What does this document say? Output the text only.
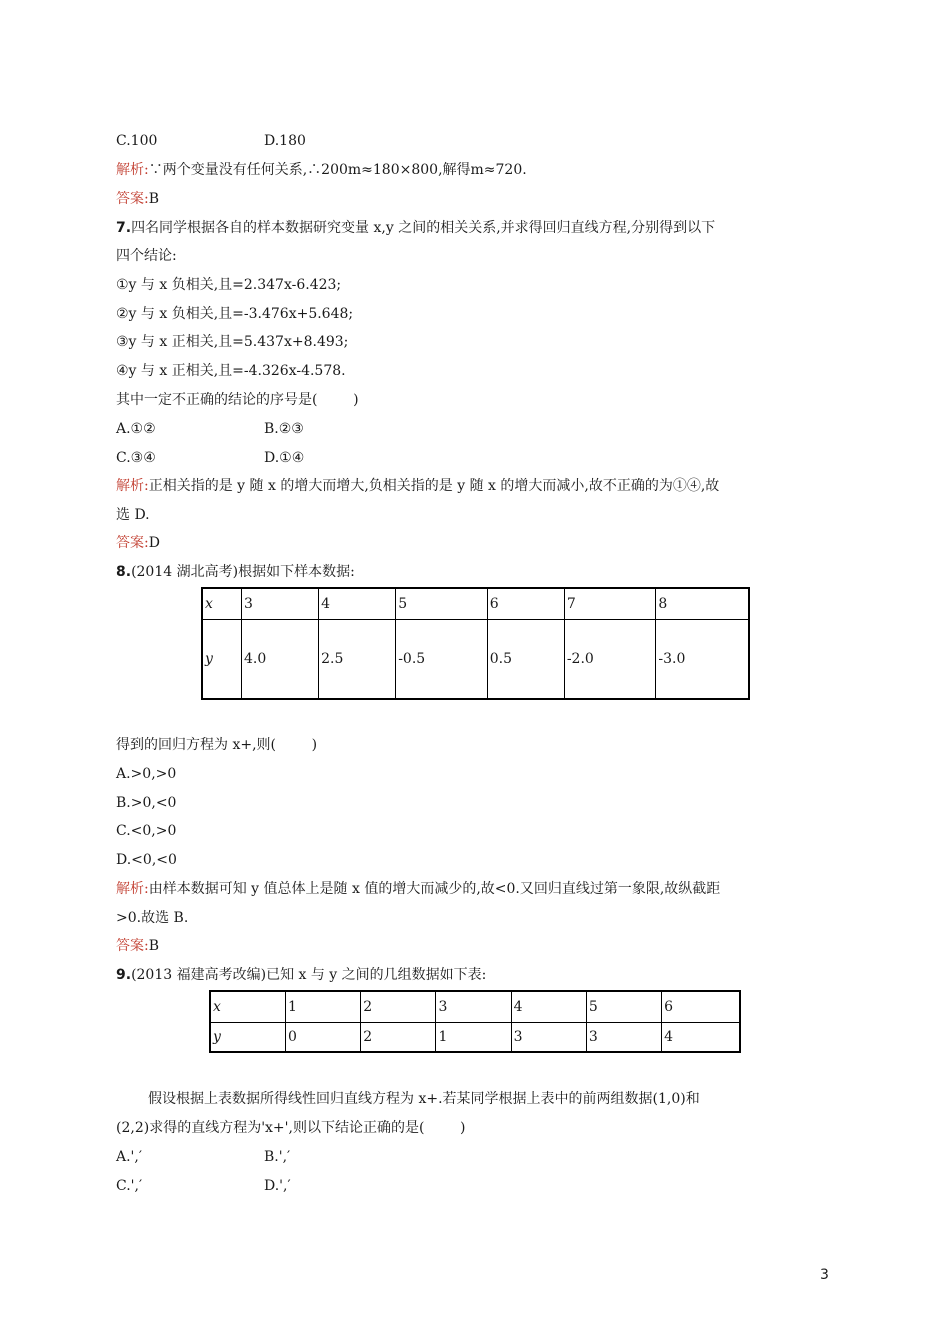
C.100	D.180
解析:∵两个变量没有任何关系,∴200m≈180×800,解得m≈720.
答案:B
7.四名同学根据各自的样本数据研究变量 x,y 之间的相关关系,并求得回归直线方程,分别得到以下
四个结论:
①y 与 x 负相关,且=2.347x-6.423;
②y 与 x 负相关,且=-3.476x+5.648;
③y 与 x 正相关,且=5.437x+8.493;
④y 与 x 正相关,且=-4.326x-4.578.
其中一定不正确的结论的序号是(        )
A.①②	B.②③
C.③④	D.①④
解析:正相关指的是 y 随 x 的增大而增大,负相关指的是 y 随 x 的增大而减小,故不正确的为①④,故
选 D.
答案:D
8.(2014 湖北高考)根据如下样本数据:
x	3	4	5	6	7	8
y	4.0	2.5	-0.5	0.5	-2.0	-3.0
得到的回归方程为 x+,则(        )
A.>0,>0
B.>0,<0
C.<0,>0
D.<0,<0
解析:由样本数据可知 y 值总体上是随 x 值的增大而减少的,故<0.又回归直线过第一象限,故纵截距
>0.故选 B.
答案:B
9.(2013 福建高考改编)已知 x 与 y 之间的几组数据如下表:
x	1	2	3	4	5	6
y	0	2	1	3	3	4
假设根据上表数据所得线性回归直线方程为 x+.若某同学根据上表中的前两组数据(1,0)和
(2,2)求得的直线方程为'x+',则以下结论正确的是(        )
A.',′	B.',′
C.',′	D.',′
3
